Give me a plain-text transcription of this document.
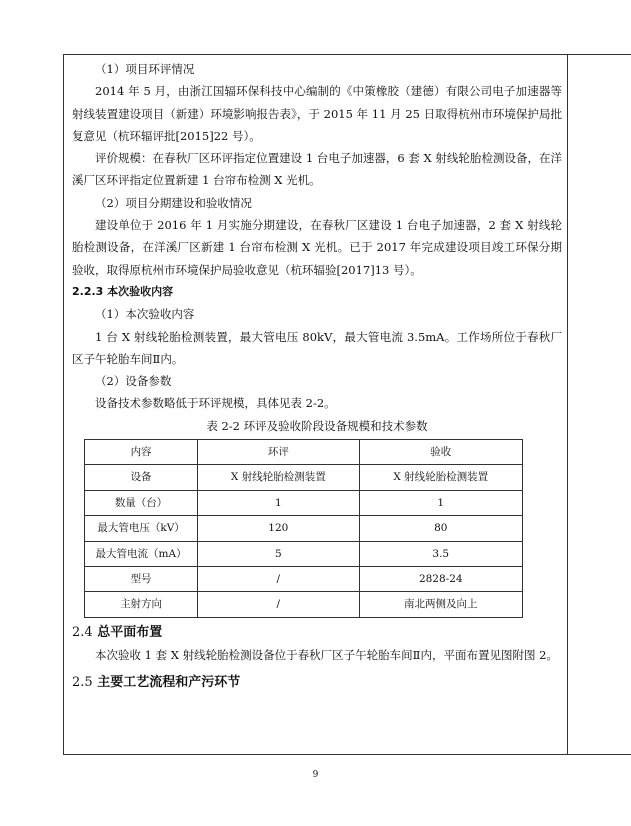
（1）项目环评情况

2014 年 5 月，由浙江国辐环保科技中心编制的《中策橡胶（建德）有限公司电子加速器等射线装置建设项目（新建）环境影响报告表》，于 2015 年 11 月 25 日取得杭州市环境保护局批复意见（杭环辐评批[2015]22 号）。

评价规模：在春秋厂区环评指定位置建设 1 台电子加速器，6 套 X 射线轮胎检测设备，在洋溪厂区环评指定位置新建 1 台帘布检测 X 光机。

（2）项目分期建设和验收情况

建设单位于 2016 年 1 月实施分期建设，在春秋厂区建设 1 台电子加速器，2 套 X 射线轮胎检测设备，在洋溪厂区新建 1 台帘布检测 X 光机。已于 2017 年完成建设项目竣工环保分期验收，取得原杭州市环境保护局验收意见（杭环辐验[2017]13 号）。

2.2.3 本次验收内容

（1）本次验收内容

1 台 X 射线轮胎检测装置，最大管电压 80kV，最大管电流 3.5mA。工作场所位于春秋厂区子午轮胎车间Ⅱ内。

（2）设备参数

设备技术参数略低于环评规模，具体见表 2-2。

表 2-2 环评及验收阶段设备规模和技术参数

内容	环评	验收
设备	X 射线轮胎检测装置	X 射线轮胎检测装置
数量（台）	1	1
最大管电压（kV）	120	80
最大管电流（mA）	5	3.5
型号	/	2828-24
主射方向	/	南北两侧及向上

2.4 总平面布置

本次验收 1 套 X 射线轮胎检测设备位于春秋厂区子午轮胎车间Ⅱ内，平面布置见图附图 2。

2.5 主要工艺流程和产污环节

9
